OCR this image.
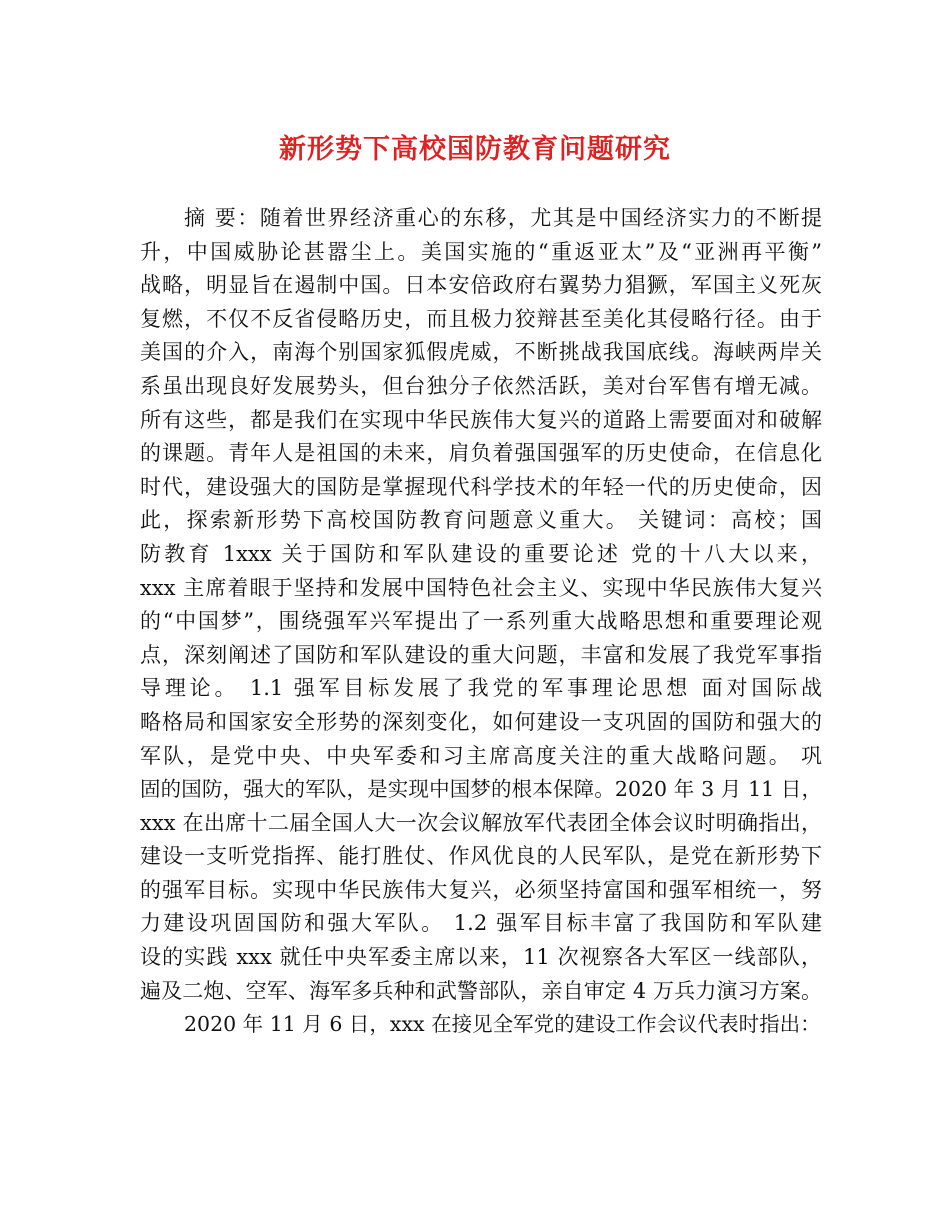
新形势下高校国防教育问题研究
摘 要：随着世界经济重心的东移，尤其是中国经济实力的不断提
升，中国威胁论甚嚣尘上。美国实施的“重返亚太”及“亚洲再平衡”
战略，明显旨在遏制中国。日本安倍政府右翼势力猖獗，军国主义死灰
复燃，不仅不反省侵略历史，而且极力狡辩甚至美化其侵略行径。由于
美国的介入，南海个别国家狐假虎威，不断挑战我国底线。海峡两岸关
系虽出现良好发展势头，但台独分子依然活跃，美对台军售有增无减。
所有这些，都是我们在实现中华民族伟大复兴的道路上需要面对和破解
的课题。青年人是祖国的未来，肩负着强国强军的历史使命，在信息化
时代，建设强大的国防是掌握现代科学技术的年轻一代的历史使命，因
此，探索新形势下高校国防教育问题意义重大。 关键词：高校；国
防教育 1xxx 关于国防和军队建设的重要论述 党的十八大以来，
xxx 主席着眼于坚持和发展中国特色社会主义、实现中华民族伟大复兴
的“中国梦”，围绕强军兴军提出了一系列重大战略思想和重要理论观
点，深刻阐述了国防和军队建设的重大问题，丰富和发展了我党军事指
导理论。 1.1 强军目标发展了我党的军事理论思想 面对国际战
略格局和国家安全形势的深刻变化，如何建设一支巩固的国防和强大的
军队，是党中央、中央军委和习主席高度关注的重大战略问题。 巩
固的国防，强大的军队，是实现中国梦的根本保障。2020 年 3 月 11 日，
xxx 在出席十二届全国人大一次会议解放军代表团全体会议时明确指出，
建设一支听党指挥、能打胜仗、作风优良的人民军队，是党在新形势下
的强军目标。实现中华民族伟大复兴，必须坚持富国和强军相统一，努
力建设巩固国防和强大军队。 1.2 强军目标丰富了我国防和军队建
设的实践 xxx 就任中央军委主席以来，11 次视察各大军区一线部队，
遍及二炮、空军、海军多兵种和武警部队，亲自审定 4 万兵力演习方案。
2020 年 11 月 6 日，xxx 在接见全军党的建设工作会议代表时指出：
